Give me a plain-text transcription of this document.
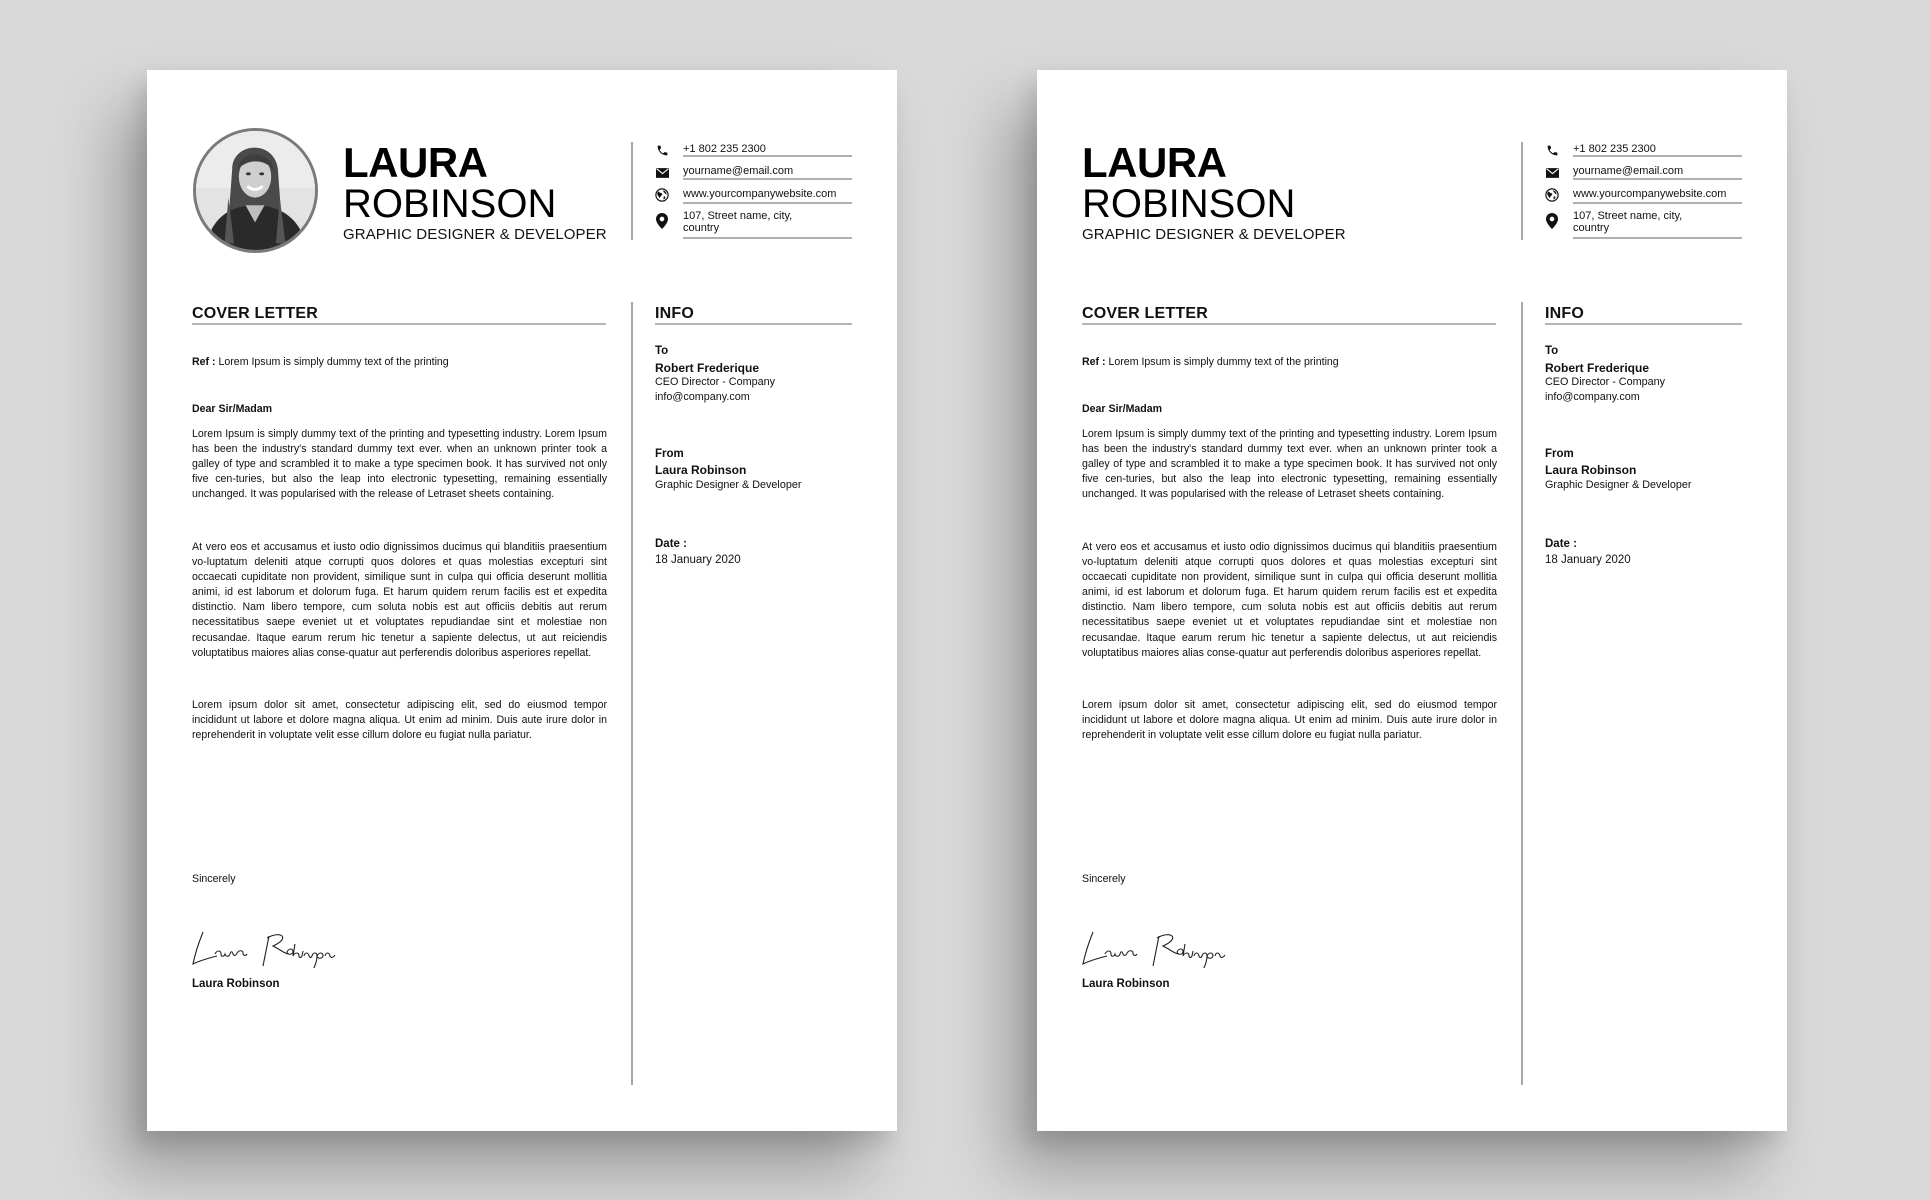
LAURA
ROBINSON
GRAPHIC DESIGNER & DEVELOPER
+1 802 235 2300
yourname@email.com
www.yourcompanywebsite.com
107, Street name, city,
country
COVER LETTER
Ref : Lorem Ipsum is simply dummy text of the printing
Dear Sir/Madam
Lorem Ipsum is simply dummy text of the printing and typesetting industry. Lorem Ipsum has been the industry's standard dummy text ever. when an unknown printer took a galley of type and scrambled it to make a type specimen book. It has survived not only five cen-turies, but also the leap into electronic typesetting, remaining essentially unchanged. It was popularised with the release of Letraset sheets containing.
At vero eos et accusamus et iusto odio dignissimos ducimus qui blanditiis praesentium vo-luptatum deleniti atque corrupti quos dolores et quas molestias excepturi sint occaecati cupiditate non provident, similique sunt in culpa qui officia deserunt mollitia animi, id est laborum et dolorum fuga. Et harum quidem rerum facilis est et expedita distinctio. Nam libero tempore, cum soluta nobis est aut officiis debitis aut rerum necessitatibus saepe eveniet ut et voluptates repudiandae sint et molestiae non recusandae. Itaque earum rerum hic tenetur a sapiente delectus, ut aut reiciendis voluptatibus maiores alias conse-quatur aut perferendis doloribus asperiores repellat.
Lorem ipsum dolor sit amet, consectetur adipiscing elit, sed do eiusmod tempor incididunt ut labore et dolore magna aliqua. Ut enim ad minim. Duis aute irure dolor in reprehenderit in voluptate velit esse cillum dolore eu fugiat nulla pariatur.
Sincerely
Laura Robinson
INFO
To
Robert Frederique
CEO Director - Company
info@company.com
From
Laura Robinson
Graphic Designer & Developer
Date :
18 January 2020
LAURA
ROBINSON
GRAPHIC DESIGNER & DEVELOPER
+1 802 235 2300
yourname@email.com
www.yourcompanywebsite.com
107, Street name, city,
country
COVER LETTER
Ref : Lorem Ipsum is simply dummy text of the printing
Dear Sir/Madam
Lorem Ipsum is simply dummy text of the printing and typesetting industry. Lorem Ipsum has been the industry's standard dummy text ever. when an unknown printer took a galley of type and scrambled it to make a type specimen book. It has survived not only five cen-turies, but also the leap into electronic typesetting, remaining essentially unchanged. It was popularised with the release of Letraset sheets containing.
At vero eos et accusamus et iusto odio dignissimos ducimus qui blanditiis praesentium vo-luptatum deleniti atque corrupti quos dolores et quas molestias excepturi sint occaecati cupiditate non provident, similique sunt in culpa qui officia deserunt mollitia animi, id est laborum et dolorum fuga. Et harum quidem rerum facilis est et expedita distinctio. Nam libero tempore, cum soluta nobis est aut officiis debitis aut rerum necessitatibus saepe eveniet ut et voluptates repudiandae sint et molestiae non recusandae. Itaque earum rerum hic tenetur a sapiente delectus, ut aut reiciendis voluptatibus maiores alias conse-quatur aut perferendis doloribus asperiores repellat.
Lorem ipsum dolor sit amet, consectetur adipiscing elit, sed do eiusmod tempor incididunt ut labore et dolore magna aliqua. Ut enim ad minim. Duis aute irure dolor in reprehenderit in voluptate velit esse cillum dolore eu fugiat nulla pariatur.
Sincerely
Laura Robinson
INFO
To
Robert Frederique
CEO Director - Company
info@company.com
From
Laura Robinson
Graphic Designer & Developer
Date :
18 January 2020
